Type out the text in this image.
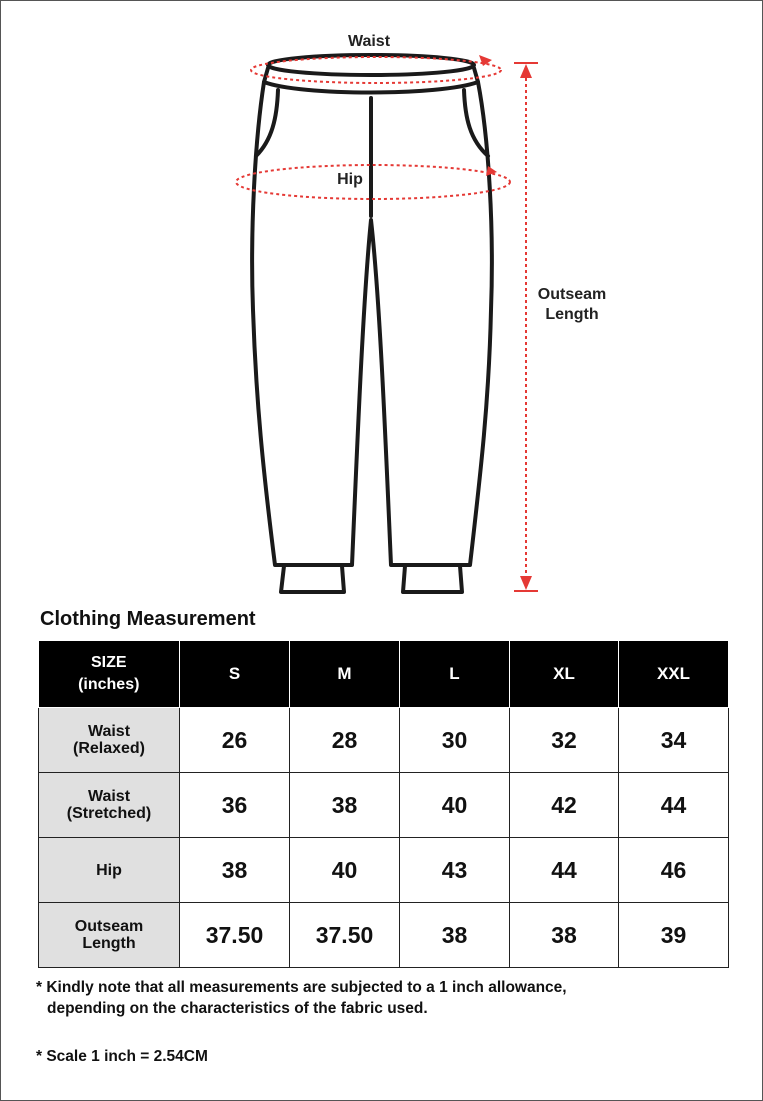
Waist
Hip
Outseam
Length
Clothing Measurement
SIZE
(inches)	S	M	L	XL	XXL
Waist
(Relaxed)	26	28	30	32	34
Waist
(Stretched)	36	38	40	42	44
Hip	38	40	43	44	46
Outseam
Length	37.50	37.50	38	38	39
* Kindly note that all measurements are subjected to a 1 inch allowance,
depending on the characteristics of the fabric used.
* Scale 1 inch = 2.54CM
